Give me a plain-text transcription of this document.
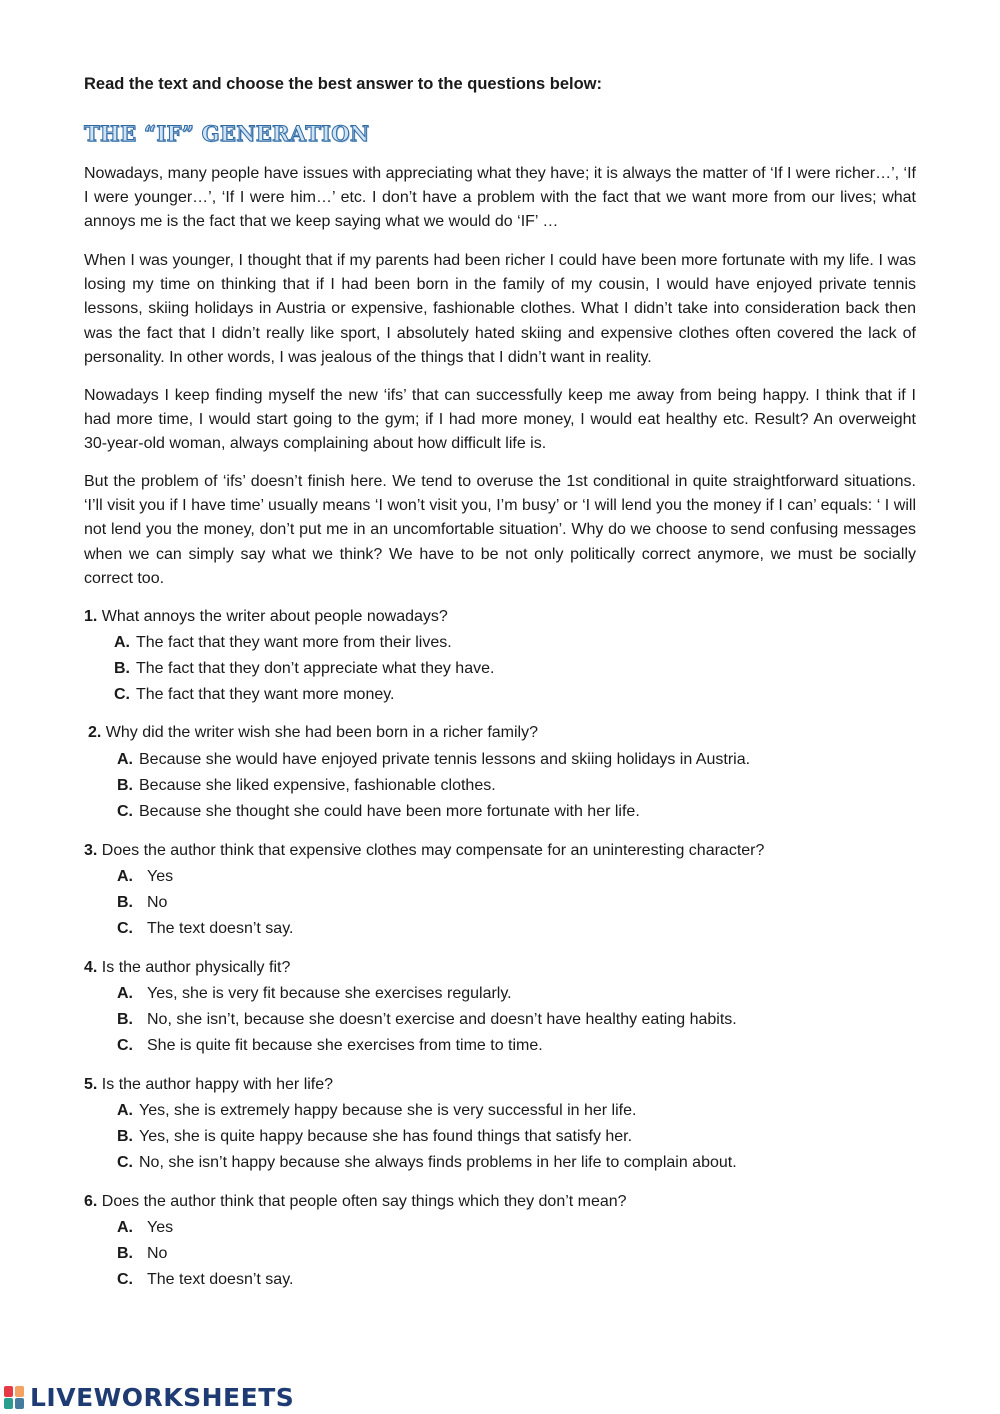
Read the text and choose the best answer to the questions below:
THE “IF” GENERATION

Nowadays, many people have issues with appreciating what they have; it is always the matter of ‘If I were richer…’, ‘If I were younger…’, ‘If I were him…’ etc. I don’t have a problem with the fact that we want more from our lives; what annoys me is the fact that we keep saying what we would do ‘IF’ …

When I was younger, I thought that if my parents had been richer I could have been more fortunate with my life. I was losing my time on thinking that if I had been born in the family of my cousin, I would have enjoyed private tennis lessons, skiing holidays in Austria or expensive, fashionable clothes. What I didn’t take into consideration back then was the fact that I didn’t really like sport, I absolutely hated skiing and expensive clothes often covered the lack of personality. In other words, I was jealous of the things that I didn’t want in reality.

Nowadays I keep finding myself the new ‘ifs’ that can successfully keep me away from being happy. I think that if I had more time, I would start going to the gym; if I had more money, I would eat healthy etc. Result? An overweight 30-year-old woman, always complaining about how difficult life is.

But the problem of ‘ifs’ doesn’t finish here. We tend to overuse the 1st conditional in quite straightforward situations. ‘I’ll visit you if I have time’ usually means ‘I won’t visit you, I’m busy’ or ‘I will lend you the money if I can’ equals: ‘ I will not lend you the money, don’t put me in an uncomfortable situation’. Why do we choose to send confusing messages when we can simply say what we think? We have to be not only politically correct anymore, we must be socially correct too.

1. What annoys the writer about people nowadays?
A. The fact that they want more from their lives.
B. The fact that they don’t appreciate what they have.
C. The fact that they want more money.
2. Why did the writer wish she had been born in a richer family?
A. Because she would have enjoyed private tennis lessons and skiing holidays in Austria.
B. Because she liked expensive, fashionable clothes.
C. Because she thought she could have been more fortunate with her life.
3. Does the author think that expensive clothes may compensate for an uninteresting character?
A. Yes
B. No
C. The text doesn’t say.
4. Is the author physically fit?
A. Yes, she is very fit because she exercises regularly.
B. No, she isn’t, because she doesn’t exercise and doesn’t have healthy eating habits.
C. She is quite fit because she exercises from time to time.
5. Is the author happy with her life?
A. Yes, she is extremely happy because she is very successful in her life.
B. Yes, she is quite happy because she has found things that satisfy her.
C. No, she isn’t happy because she always finds problems in her life to complain about.
6. Does the author think that people often say things which they don’t mean?
A. Yes
B. No
C. The text doesn’t say.
LIVEWORKSHEETS
